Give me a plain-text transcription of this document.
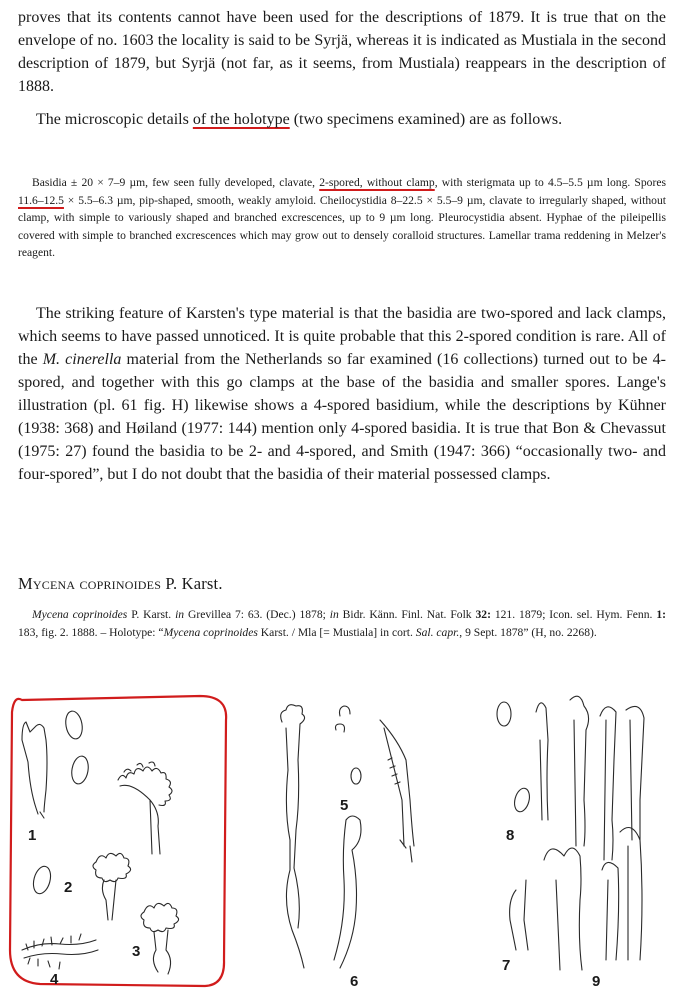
proves that its contents cannot have been used for the descriptions of 1879. It is true that on the envelope of no. 1603 the locality is said to be Syrjä, whereas it is indicated as Mustiala in the second description of 1879, but Syrjä (not far, as it seems, from Mustiala) reappears in the description of 1888.

The microscopic details of the holotype (two specimens examined) are as follows.

Basidia ± 20 × 7–9 µm, few seen fully developed, clavate, 2-spored, without clamp, with sterigmata up to 4.5–5.5 µm long. Spores 11.6–12.5 × 5.5–6.3 µm, pip-shaped, smooth, weakly amyloid. Cheilocystidia 8–22.5 × 5.5–9 µm, clavate to irregularly shaped, without clamp, with simple to variously shaped and branched excrescences, up to 9 µm long. Pleurocystidia absent. Hyphae of the pileipellis covered with simple to branched excrescences which may grow out to densely coralloid structures. Lamellar trama reddening in Melzer's reagent.

The striking feature of Karsten's type material is that the basidia are two-spored and lack clamps, which seems to have passed unnoticed. It is quite probable that this 2-spored condition is rare. All of the M. cinerella material from the Netherlands so far examined (16 collections) turned out to be 4-spored, and together with this go clamps at the base of the basidia and smaller spores. Lange's illustration (pl. 61 fig. H) likewise shows a 4-spored basidium, while the descriptions by Kühner (1938: 368) and Høiland (1977: 144) mention only 4-spored basidia. It is true that Bon & Chevassut (1975: 27) found the basidia to be 2- and 4-spored, and Smith (1947: 366) “occasionally two- and four-spored”, but I do not doubt that the basidia of their material possessed clamps.

Mycena coprinoides P. Karst.

Mycena coprinoides P. Karst. in Grevillea 7: 63. (Dec.) 1878; in Bidr. Känn. Finl. Nat. Folk 32: 121. 1879; Icon. sel. Hym. Fenn. 1: 183, fig. 2. 1888. – Holotype: “Mycena coprinoides Karst. / Mla [= Mustiala] in cort. Sal. capr., 9 Sept. 1878” (H, no. 2268).

1
2
3
4
5
6
7
8
9
